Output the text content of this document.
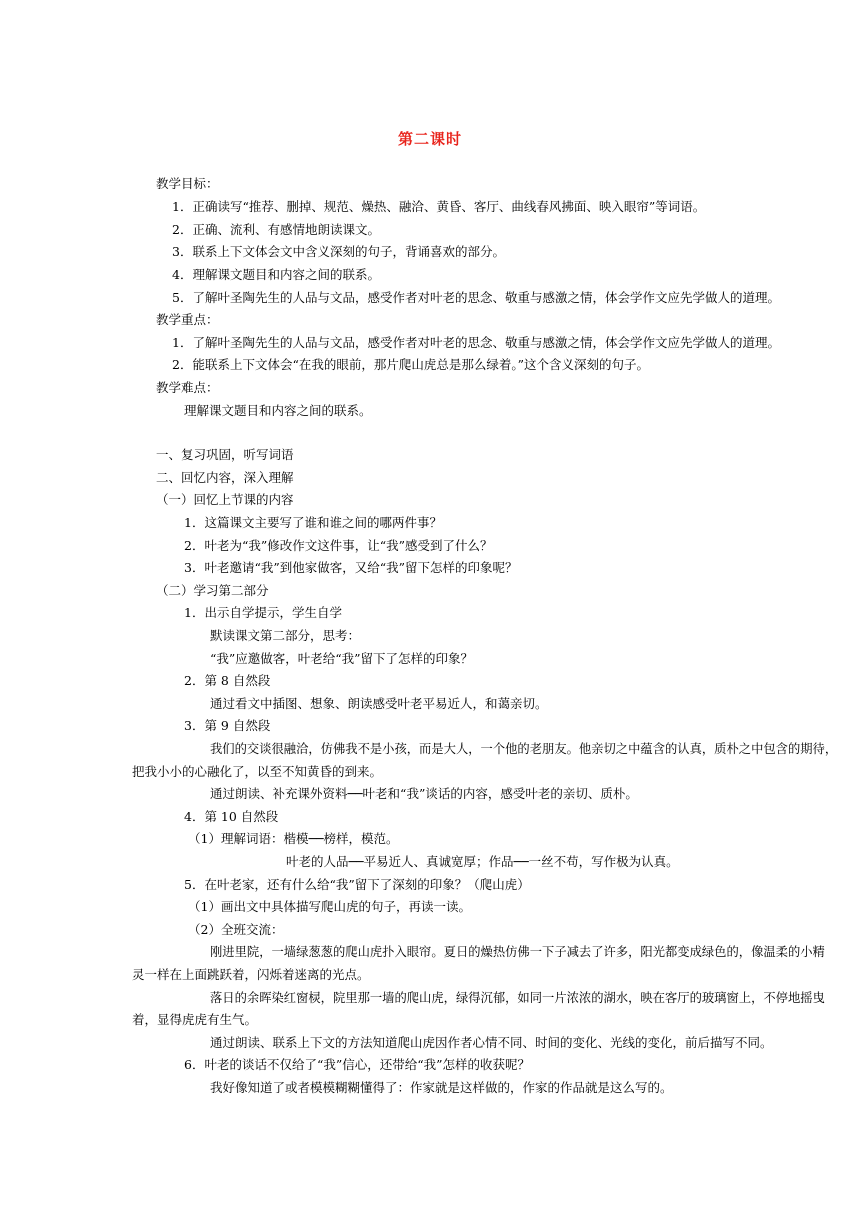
第二课时
教学目标：
1．正确读写“推荐、删掉、规范、燥热、融洽、黄昏、客厅、曲线春风拂面、映入眼帘”等词语。
2．正确、流利、有感情地朗读课文。
3．联系上下文体会文中含义深刻的句子，背诵喜欢的部分。
4．理解课文题目和内容之间的联系。
5．了解叶圣陶先生的人品与文品，感受作者对叶老的思念、敬重与感激之情，体会学作文应先学做人的道理。
教学重点：
1．了解叶圣陶先生的人品与文品，感受作者对叶老的思念、敬重与感激之情，体会学作文应先学做人的道理。
2．能联系上下文体会“在我的眼前，那片爬山虎总是那么绿着。”这个含义深刻的句子。
教学难点：
理解课文题目和内容之间的联系。
一、复习巩固，听写词语
二、回忆内容，深入理解
（一）回忆上节课的内容
1．这篇课文主要写了谁和谁之间的哪两件事？
2．叶老为“我”修改作文这件事，让“我”感受到了什么？
3．叶老邀请“我”到他家做客，又给“我”留下怎样的印象呢？
（二）学习第二部分
1．出示自学提示，学生自学
默读课文第二部分，思考：
“我”应邀做客，叶老给“我”留下了怎样的印象？
2．第 8 自然段
通过看文中插图、想象、朗读感受叶老平易近人，和蔼亲切。
3．第 9 自然段
我们的交谈很融洽，仿佛我不是小孩，而是大人，一个他的老朋友。他亲切之中蕴含的认真，质朴之中包含的期待，
把我小小的心融化了，以至不知黄昏的到来。
通过朗读、补充课外资料──叶老和“我”谈话的内容，感受叶老的亲切、质朴。
4．第 10 自然段
（1）理解词语：楷模──榜样，模范。
叶老的人品──平易近人、真诚宽厚；作品──一丝不苟，写作极为认真。
5．在叶老家，还有什么给“我”留下了深刻的印象？（爬山虎）
（1）画出文中具体描写爬山虎的句子，再读一读。
（2）全班交流：
刚进里院，一墙绿葱葱的爬山虎扑入眼帘。夏日的燥热仿佛一下子减去了许多，阳光都变成绿色的，像温柔的小精
灵一样在上面跳跃着，闪烁着迷离的光点。
落日的余晖染红窗棂，院里那一墙的爬山虎，绿得沉郁，如同一片浓浓的湖水，映在客厅的玻璃窗上，不停地摇曳
着，显得虎虎有生气。
通过朗读、联系上下文的方法知道爬山虎因作者心情不同、时间的变化、光线的变化，前后描写不同。
6．叶老的谈话不仅给了“我”信心，还带给“我”怎样的收获呢？
我好像知道了或者模模糊糊懂得了：作家就是这样做的，作家的作品就是这么写的。
